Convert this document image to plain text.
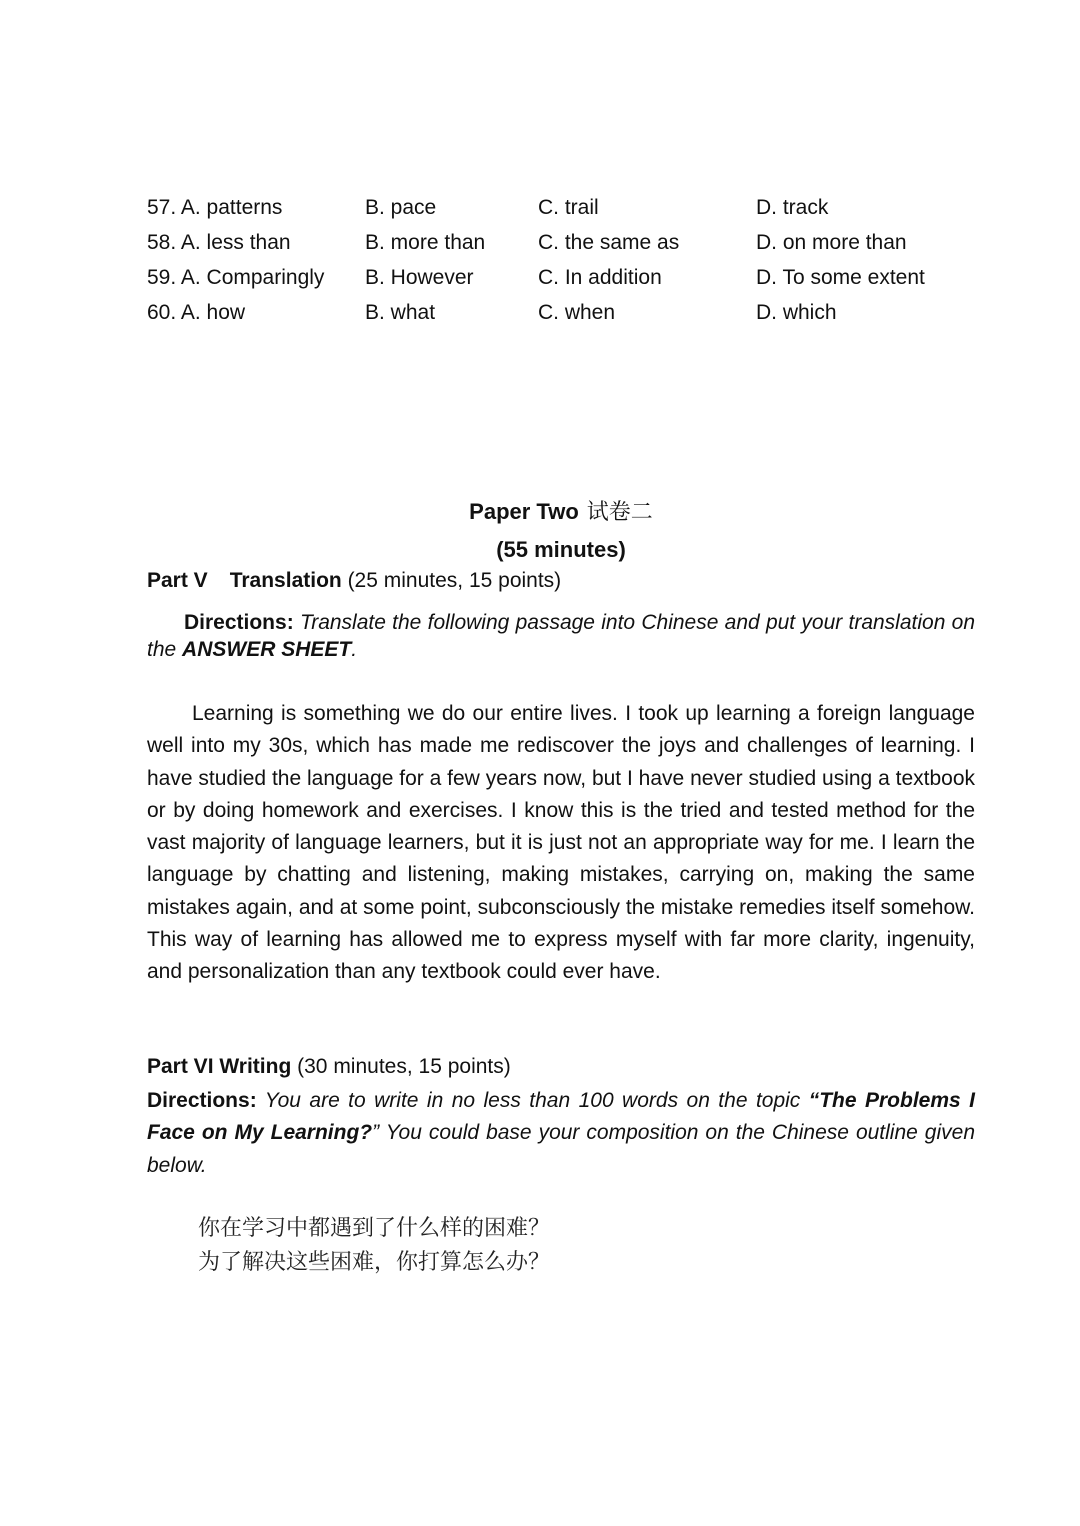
57. A. patterns	B. pace	C. trail	D. track
58. A. less than	B. more than	C. the same as	D. on more than
59. A. Comparingly B. However	C. In addition	D. To some extent
60. A. how	B. what	C. when	D. which
Paper Two 试卷二
(55 minutes)
Part V Translation (25 minutes, 15 points)
Directions: Translate the following passage into Chinese and put your translation on the ANSWER SHEET.
Learning is something we do our entire lives. I took up learning a foreign language well into my 30s, which has made me rediscover the joys and challenges of learning. I have studied the language for a few years now, but I have never studied using a textbook or by doing homework and exercises. I know this is the tried and tested method for the vast majority of language learners, but it is just not an appropriate way for me. I learn the language by chatting and listening, making mistakes, carrying on, making the same mistakes again, and at some point, subconsciously the mistake remedies itself somehow. This way of learning has allowed me to express myself with far more clarity, ingenuity, and personalization than any textbook could ever have.
Part VI Writing (30 minutes, 15 points)
Directions: You are to write in no less than 100 words on the topic “The Problems I Face on My Learning?” You could base your composition on the Chinese outline given below.
你在学习中都遇到了什么样的困难？
为了解决这些困难，你打算怎么办？
